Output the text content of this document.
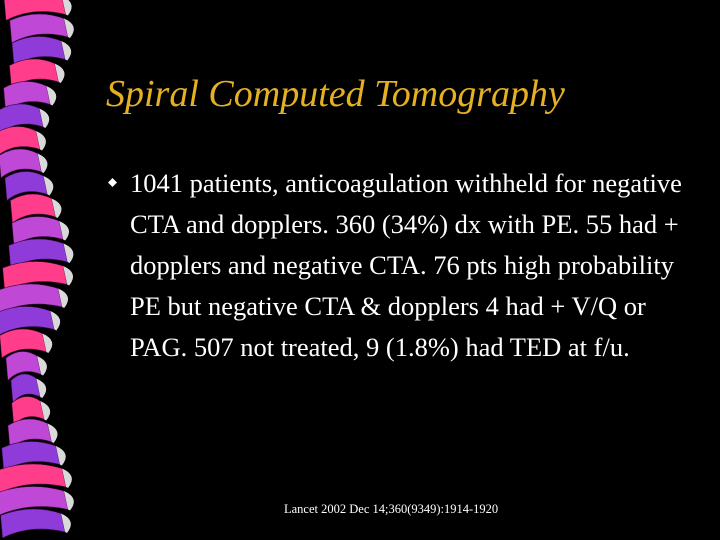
Spiral Computed Tomography

1041 patients, anticoagulation withheld for negative CTA and dopplers. 360 (34%) dx with PE. 55 had + dopplers and negative CTA. 76 pts high probability PE but negative CTA & dopplers 4 had + V/Q or PAG. 507 not treated, 9 (1.8%) had TED at f/u.

Lancet 2002 Dec 14;360(9349):1914-1920
